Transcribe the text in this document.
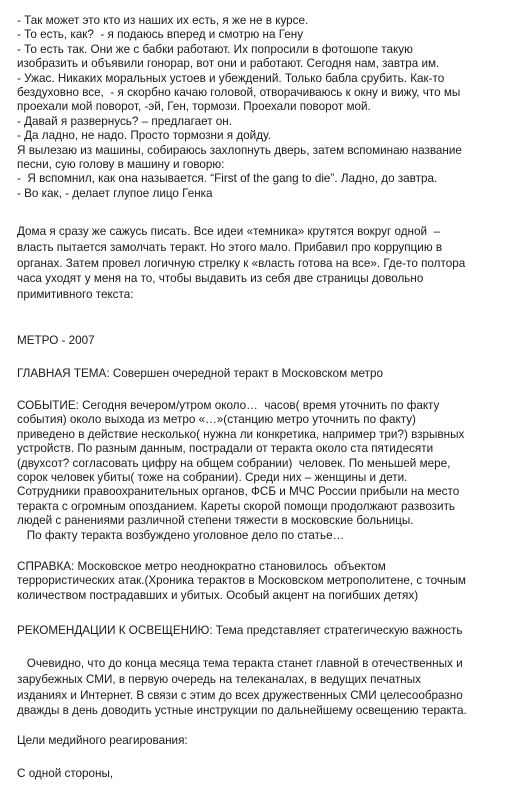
- Так может это кто из наших их есть, я же не в курсе.
- То есть, как?  - я подаюсь вперед и смотрю на Гену
- То есть так. Они же с бабки работают. Их попросили в фотошопе такую
изобразить и объявили гонорар, вот они и работают. Сегодня нам, завтра им.
- Ужас. Никаких моральных устоев и убеждений. Только бабла срубить. Как-то
бездуховно все,  - я скорбно качаю головой, отворачиваюсь к окну и вижу, что мы
проехали мой поворот, -эй, Ген, тормози. Проехали поворот мой.
- Давай я развернусь? – предлагает он.
- Да ладно, не надо. Просто тормозни я дойду.
Я вылезаю из машины, собираюсь захлопнуть дверь, затем вспоминаю название
песни, сую голову в машину и говорю:
-  Я вспомнил, как она называется. “First of the gang to die”. Ладно, до завтра.
- Во как, - делает глупое лицо Генка
Дома я сразу же сажусь писать. Все идеи «темника» крутятся вокруг одной  –
власть пытается замолчать теракт. Но этого мало. Прибавил про коррупцию в
органах. Затем провел логичную стрелку к «власть готова на все». Где-то полтора
часа уходят у меня на то, чтобы выдавить из себя две страницы довольно
примитивного текста:
МЕТРО - 2007
ГЛАВНАЯ ТЕМА: Совершен очередной теракт в Московском метро
СОБЫТИЕ: Сегодня вечером/утром около…  часов( время уточнить по факту
события) около выхода из метро «…»(станцию метро уточнить по факту)
приведено в действие несколько( нужна ли конкретика, например три?) взрывных
устройств. По разным данным, пострадали от теракта около ста пятидесяти
(двухсот? согласовать цифру на общем собрании)  человек. По меньшей мере,
сорок человек убиты( тоже на собрании). Среди них – женщины и дети.
Сотрудники правоохранительных органов, ФСБ и МЧС России прибыли на место
теракта с огромным опозданием. Кареты скорой помощи продолжают развозить
людей с ранениями различной степени тяжести в московские больницы.
По факту теракта возбуждено уголовное дело по статье…
СПРАВКА: Московское метро неоднократно становилось  объектом
террористических атак.(Хроника терактов в Московском метрополитене, с точным
количеством пострадавших и убитых. Особый акцент на погибших детях)
РЕКОМЕНДАЦИИ К ОСВЕЩЕНИЮ: Тема представляет стратегическую важность
Очевидно, что до конца месяца тема теракта станет главной в отечественных и
зарубежных СМИ, в первую очередь на телеканалах, в ведущих печатных
изданиях и Интернет. В связи с этим до всех дружественных СМИ целесообразно
дважды в день доводить устные инструкции по дальнейшему освещению теракта.
Цели медийного реагирования:
С одной стороны,
